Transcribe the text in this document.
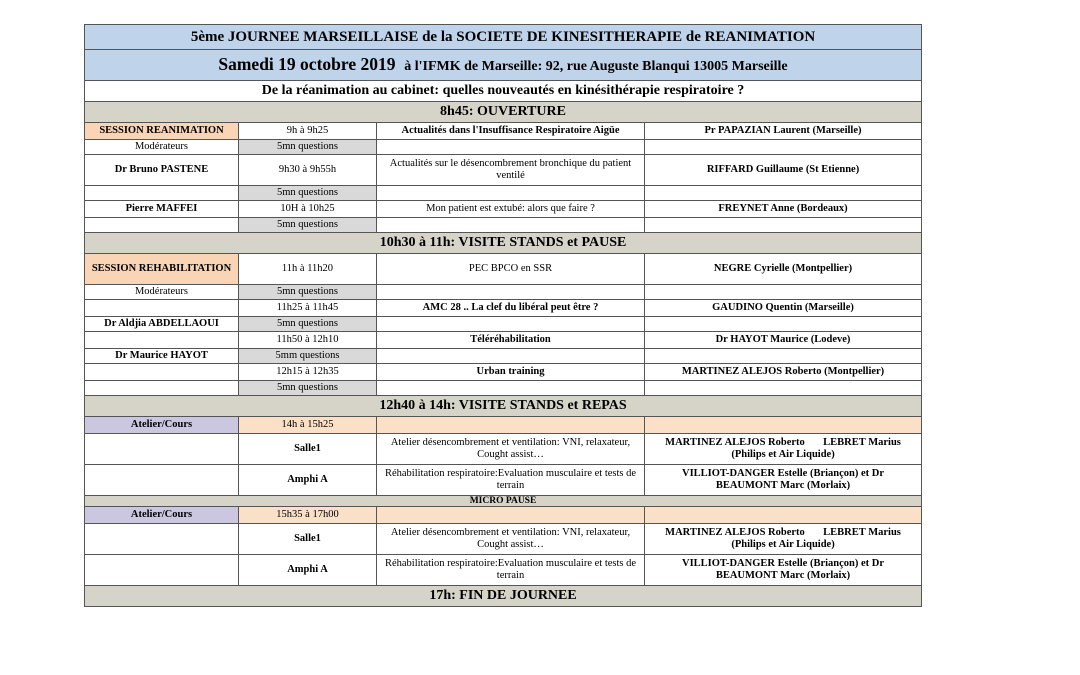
5ème JOURNEE MARSEILLAISE de la SOCIETE DE KINESITHERAPIE de REANIMATION			
Samedi 19 octobre 2019 à l'IFMK de Marseille: 92, rue Auguste Blanqui 13005 Marseille			
De la réanimation au cabinet: quelles nouveautés en kinésithérapie respiratoire ?			
8h45: OUVERTURE			
SESSION REANIMATION	9h à 9h25	Actualités dans l'Insuffisance Respiratoire Aigüe	Pr PAPAZIAN Laurent (Marseille)
Modérateurs	5mn questions		
Dr Bruno PASTENE	9h30 à 9h55h	Actualités sur le désencombrement bronchique du patient ventilé	RIFFARD Guillaume (St Etienne)
	5mn questions		
Pierre MAFFEI	10H à 10h25	Mon patient est extubé: alors que faire ?	FREYNET Anne (Bordeaux)
	5mn questions		
10h30 à 11h: VISITE STANDS et PAUSE			
SESSION REHABILITATION	11h à 11h20	PEC BPCO en SSR	NEGRE Cyrielle (Montpellier)
Modérateurs	5mn questions		
	11h25 à 11h45	AMC 28 .. La clef du libéral peut être ?	GAUDINO Quentin (Marseille)
Dr Aldjia ABDELLAOUI	5mn questions		
	11h50 à 12h10	Téléréhabilitation	Dr HAYOT Maurice (Lodeve)
Dr Maurice HAYOT	5mm questions		
	12h15 à 12h35	Urban training	MARTINEZ ALEJOS Roberto (Montpellier)
	5mn questions		
12h40 à 14h: VISITE STANDS et REPAS			
Atelier/Cours	14h à 15h25		
	Salle1	Atelier désencombrement et ventilation: VNI, relaxateur, Cought assist…	MARTINEZ ALEJOS Roberto       LEBRET Marius
(Philips et Air Liquide)
	Amphi A	Réhabilitation respiratoire:Evaluation musculaire et tests de terrain	VILLIOT-DANGER Estelle (Briançon) et Dr
BEAUMONT Marc (Morlaix)
MICRO PAUSE			
Atelier/Cours	15h35 à 17h00		
	Salle1	Atelier désencombrement et ventilation: VNI, relaxateur, Cought assist…	MARTINEZ ALEJOS Roberto       LEBRET Marius
(Philips et Air Liquide)
	Amphi A	Réhabilitation respiratoire:Evaluation musculaire et tests de terrain	VILLIOT-DANGER Estelle (Briançon) et Dr
BEAUMONT Marc (Morlaix)
17h: FIN DE JOURNEE			
